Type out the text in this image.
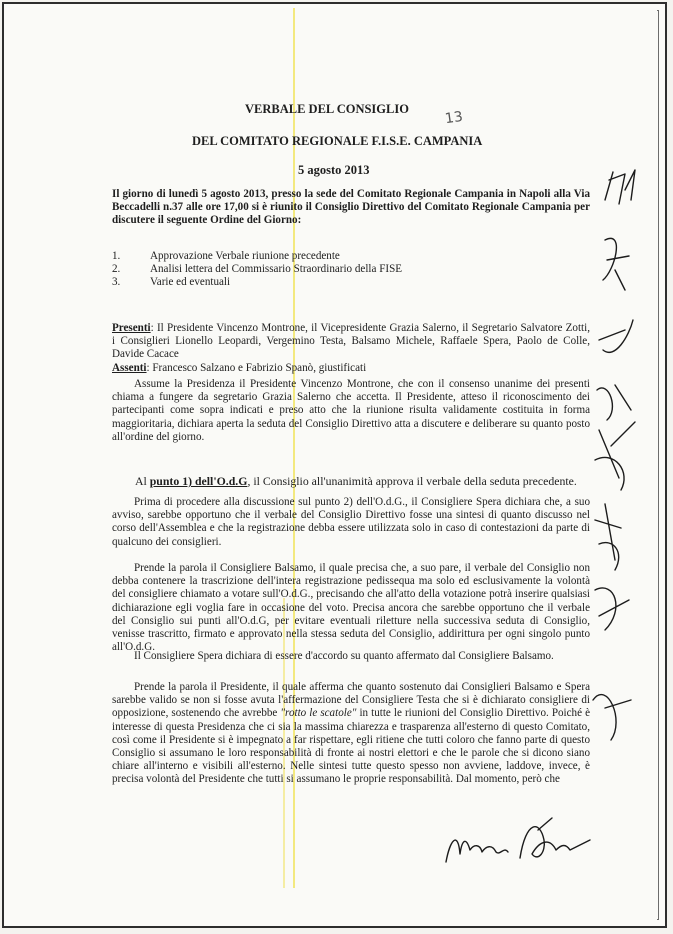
VERBALE DEL CONSIGLIO	13
DEL COMITATO REGIONALE F.I.S.E. CAMPANIA
5 agosto 2013
Il giorno di lunedì 5 agosto 2013, presso la sede del Comitato Regionale Campania in Napoli alla Via Beccadelli n.37 alle ore 17,00 si è riunito il Consiglio Direttivo del Comitato Regionale Campania per discutere il seguente Ordine del Giorno:
1.	Approvazione Verbale riunione precedente
2.	Analisi lettera del Commissario Straordinario della FISE
3.	Varie ed eventuali
Presenti: Il Presidente Vincenzo Montrone, il Vicepresidente Grazia Salerno, il Segretario Salvatore Zotti, i Consiglieri Lionello Leopardi, Vergemino Testa, Balsamo Michele, Raffaele Spera, Paolo de Colle, Davide Cacace
Assenti: Francesco Salzano e Fabrizio Spanò, giustificati
Assume la Presidenza il Presidente Vincenzo Montrone, che con il consenso unanime dei presenti chiama a fungere da segretario Grazia Salerno che accetta. Il Presidente, atteso il riconoscimento dei partecipanti come sopra indicati e preso atto che la riunione risulta validamente costituita in forma maggioritaria, dichiara aperta la seduta del Consiglio Direttivo atta a discutere e deliberare su quanto posto all'ordine del giorno.
Al punto 1) dell'O.d.G, il Consiglio all'unanimità approva il verbale della seduta precedente.
Prima di procedere alla discussione sul punto 2) dell'O.d.G., il Consigliere Spera dichiara che, a suo avviso, sarebbe opportuno che il verbale del Consiglio Direttivo fosse una sintesi di quanto discusso nel corso dell'Assemblea e che la registrazione debba essere utilizzata solo in caso di contestazioni da parte di qualcuno dei consiglieri.
Prende la parola il Consigliere Balsamo, il quale precisa che, a suo pare, il verbale del Consiglio non debba contenere la trascrizione dell'intera registrazione pedissequa ma solo ed esclusivamente la volontà del consigliere chiamato a votare sull'O.d.G., precisando che all'atto della votazione potrà inserire qualsiasi dichiarazione egli voglia fare in occasione del voto. Precisa ancora che sarebbe opportuno che il verbale del Consiglio sui punti all'O.d.G, per evitare eventuali riletture nella successiva seduta di Consiglio, venisse trascritto, firmato e approvato nella stessa seduta del Consiglio, addirittura per ogni singolo punto all'O.d.G.
Il Consigliere Spera dichiara di essere d'accordo su quanto affermato dal Consigliere Balsamo.
Prende la parola il Presidente, il quale afferma che quanto sostenuto dai Consiglieri Balsamo e Spera sarebbe valido se non si fosse avuta l'affermazione del Consigliere Testa che si è dichiarato consigliere di opposizione, sostenendo che avrebbe "rotto le scatole" in tutte le riunioni del Consiglio Direttivo. Poiché è interesse di questa Presidenza che ci sia la massima chiarezza e trasparenza all'esterno di questo Comitato, così come il Presidente si è impegnato a far rispettare, egli ritiene che tutti coloro che fanno parte di questo Consiglio si assumano le loro responsabilità di fronte ai nostri elettori e che le parole che si dicono siano chiare all'interno e visibili all'esterno. Nelle sintesi tutte questo spesso non avviene, laddove, invece, è precisa volontà del Presidente che tutti si assumano le proprie responsabilità. Dal momento, però che
